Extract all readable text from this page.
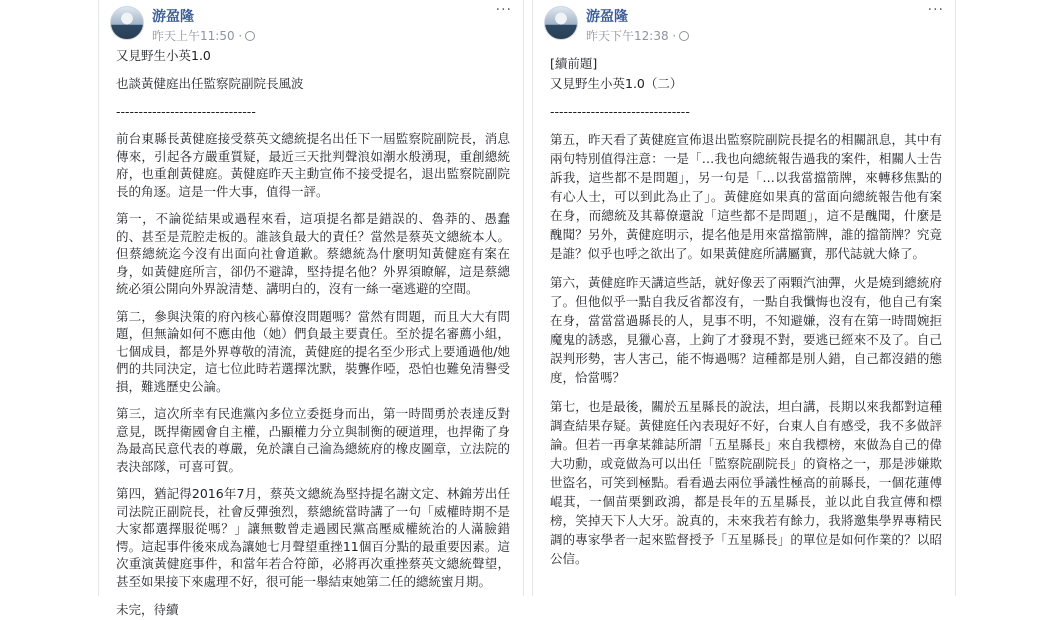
游盈隆
昨天上午11:50 ·
···
又見野生小英1.0
也談黃健庭出任監察院副院長風波
-------------------------------

前台東縣長黃健庭接受蔡英文總統提名出任下一屆監察院副院長，消息傳來，引起各方嚴重質疑，最近三天批判聲浪如潮水般湧現，重創總統府，也重創黃健庭。黃健庭昨天主動宣佈不接受提名，退出監察院副院長的角逐。這是一件大事，值得一評。

第一，不論從結果或過程來看，這項提名都是錯誤的、魯莽的、愚蠢的、甚至是荒腔走板的。誰該負最大的責任？當然是蔡英文總統本人。但蔡總統迄今沒有出面向社會道歉。蔡總統為什麼明知黃健庭有案在身，如黃健庭所言，卻仍不避諱，堅持提名他？外界須瞭解，這是蔡總統必須公開向外界說清楚、講明白的，沒有一絲一毫逃避的空間。

第二，參與決策的府內核心幕僚沒問題嗎？當然有問題，而且大大有問題，但無論如何不應由他（她）們負最主要責任。至於提名審薦小組，七個成員，都是外界尊敬的清流，黃健庭的提名至少形式上要通過他/她們的共同決定，這七位此時若選擇沈默，裝聾作啞，恐怕也難免清譽受損，難逃歷史公論。

第三，這次所幸有民進黨內多位立委挺身而出，第一時間勇於表達反對意見，既捍衛國會自主權，凸顯權力分立與制衡的硬道理，也捍衛了身為最高民意代表的尊嚴，免於讓自己淪為總統府的橡皮圖章，立法院的表決部隊，可喜可賀。

第四，猶記得2016年7月，蔡英文總統為堅持提名謝文定、林錦芳出任司法院正副院長，社會反彈強烈，蔡總統當時講了一句「威權時期不是大家都選擇服從嗎？」讓無數曾走過國民黨高壓威權統治的人滿臉錯愕。這起事件後來成為讓她七月聲望重挫11個百分點的最重要因素。這次重演黃健庭事件，和當年若合符節，必將再次重挫蔡英文總統聲望，甚至如果接下來處理不好，很可能一舉結束她第二任的總統蜜月期。

未完，待續
游盈隆
昨天下午12:38 ·
···
[續前題]
又見野生小英1.0（二）
-------------------------------

第五，昨天看了黃健庭宣佈退出監察院副院長提名的相關訊息，其中有兩句特別值得注意：一是「…我也向總統報告過我的案件，相關人士告訴我，這些都不是問題」，另一句是「…以我當擋箭牌，來轉移焦點的有心人士，可以到此為止了」。黃健庭如果真的當面向總統報告他有案在身，而總統及其幕僚還說「這些都不是問題」，這不是醜聞，什麼是醜聞？另外，黃健庭明示，提名他是用來當擋箭牌，誰的擋箭牌？究竟是誰？似乎也呼之欲出了。如果黃健庭所講屬實，那代誌就大條了。

第六，黃健庭昨天講這些話，就好像丟了兩顆汽油彈，火是燒到總統府了。但他似乎一點自我反省都沒有，一點自我懺悔也沒有，他自己有案在身，當當當過縣長的人，見事不明，不知避嫌，沒有在第一時間婉拒魔鬼的誘惑，見獵心喜，上鉤了才發現不對，要逃已經來不及了。自己誤判形勢，害人害己，能不悔過嗎？這種都是別人錯，自己都沒錯的態度，恰當嗎？

第七，也是最後，關於五星縣長的說法，坦白講，長期以來我都對這種調查結果存疑。黃健庭任內表現好不好，台東人自有感受，我不多做評論。但若一再拿某雜誌所謂「五星縣長」來自我標榜，來做為自己的偉大功勳，或竟做為可以出任「監察院副院長」的資格之一，那是涉嫌欺世盜名，可笑到極點。看看過去兩位爭議性極高的前縣長，一個花蓮傅崐萁，一個苗栗劉政鴻，都是長年的五星縣長，並以此自我宣傳和標榜，笑掉天下人大牙。說真的，未來我若有餘力，我將邀集學界專精民調的專家學者一起來監督授予「五星縣長」的單位是如何作業的？以昭公信。
